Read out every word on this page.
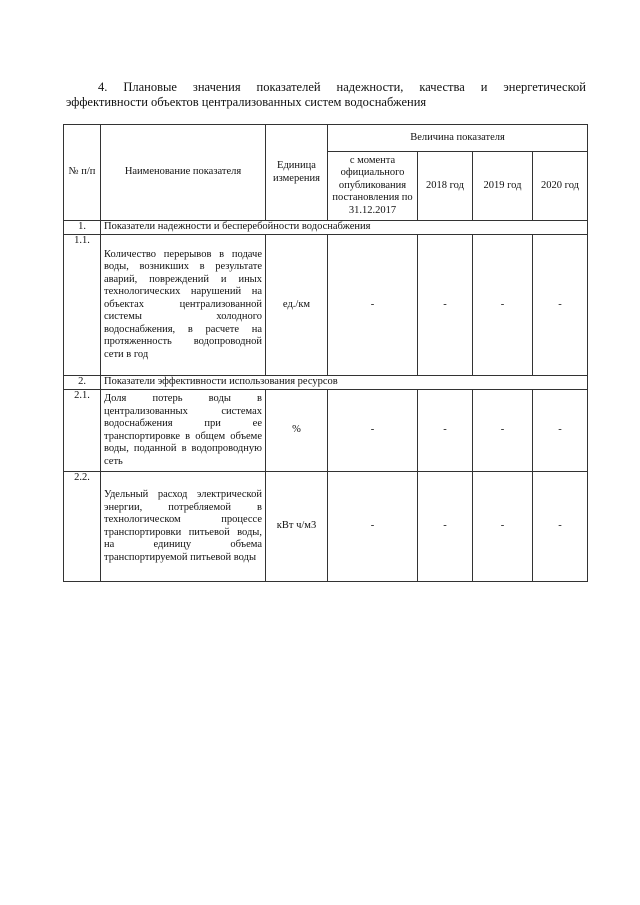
4. Плановые значения показателей надежности, качества и энергетической
эффективности объектов централизованных систем водоснабжения
№ п/п	Наименование показателя	Единица измерения	Величина показателя			
			с момента официального опубликования постановления по 31.12.2017	2018 год	2019 год	2020 год
1.	Показатели надежности и бесперебойности водоснабжения					
1.1.	Количество перерывов в подаче воды, возникших в результате аварий, повреждений и иных технологических нарушений на объектах централизованной системы холодного водоснабжения, в расчете на протяженность водопроводной сети в год	ед./км	-	-	-	-
2.	Показатели эффективности использования ресурсов					
2.1.	Доля потерь воды в централизованных системах водоснабжения при ее транспортировке в общем объеме воды, поданной в водопроводную сеть	%	-	-	-	-
2.2.	Удельный расход электрической энергии, потребляемой в технологическом процессе транспортировки питьевой воды, на единицу объема транспортируемой питьевой воды	кВт ч/м3	-	-	-	-
